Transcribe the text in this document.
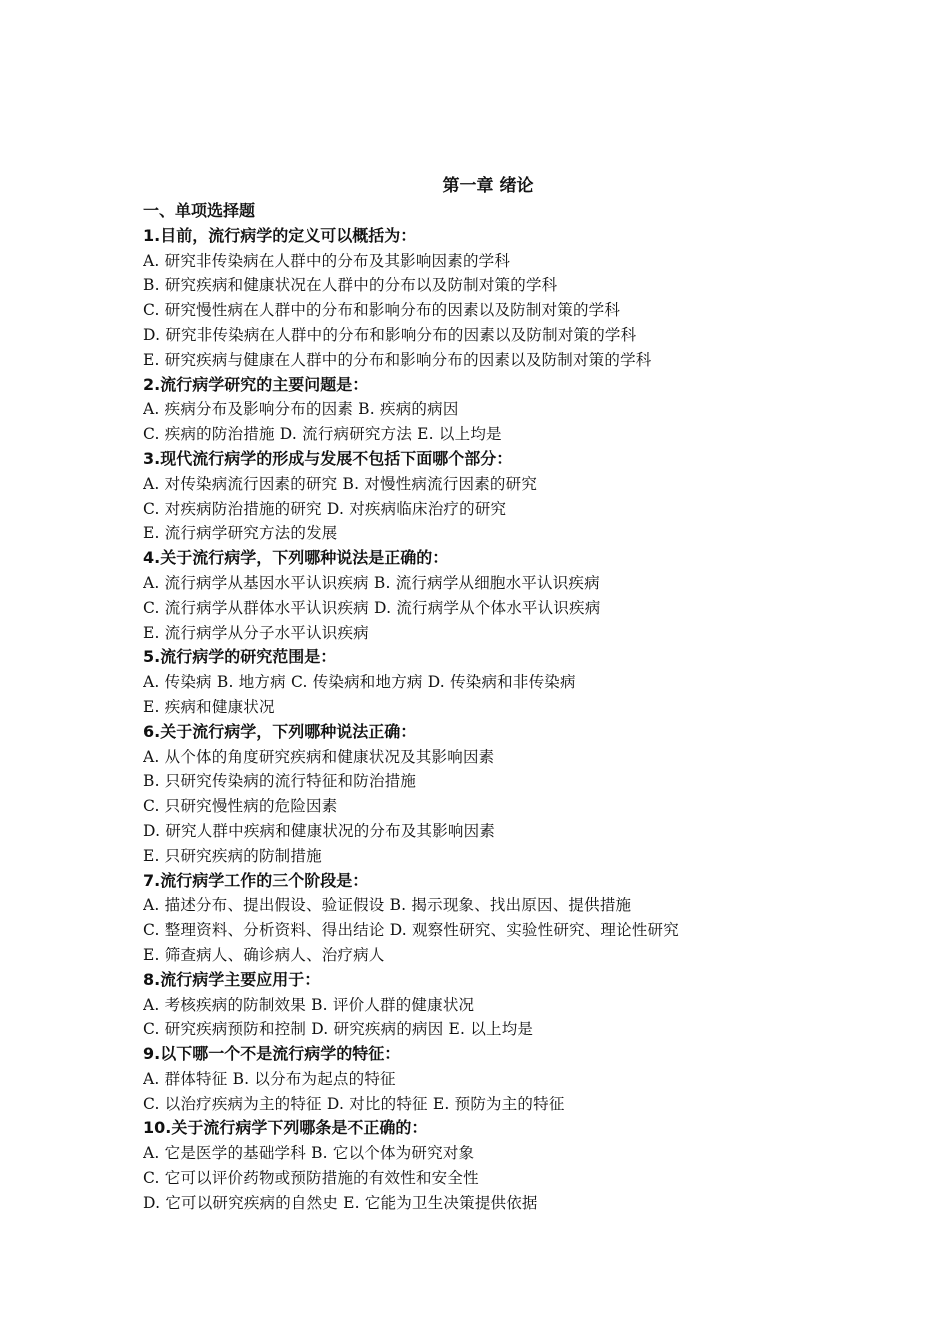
第一章 绪论
一、单项选择题
1.目前，流行病学的定义可以概括为：
A. 研究非传染病在人群中的分布及其影响因素的学科
B. 研究疾病和健康状况在人群中的分布以及防制对策的学科
C. 研究慢性病在人群中的分布和影响分布的因素以及防制对策的学科
D. 研究非传染病在人群中的分布和影响分布的因素以及防制对策的学科
E. 研究疾病与健康在人群中的分布和影响分布的因素以及防制对策的学科
2.流行病学研究的主要问题是：
A. 疾病分布及影响分布的因素 B. 疾病的病因
C. 疾病的防治措施 D. 流行病研究方法 E. 以上均是
3.现代流行病学的形成与发展不包括下面哪个部分：
A. 对传染病流行因素的研究 B. 对慢性病流行因素的研究
C. 对疾病防治措施的研究 D. 对疾病临床治疗的研究
E. 流行病学研究方法的发展
4.关于流行病学，下列哪种说法是正确的：
A. 流行病学从基因水平认识疾病 B. 流行病学从细胞水平认识疾病
C. 流行病学从群体水平认识疾病 D. 流行病学从个体水平认识疾病
E. 流行病学从分子水平认识疾病
5.流行病学的研究范围是：
A. 传染病 B. 地方病 C. 传染病和地方病 D. 传染病和非传染病
E. 疾病和健康状况
6.关于流行病学，下列哪种说法正确：
A. 从个体的角度研究疾病和健康状况及其影响因素
B. 只研究传染病的流行特征和防治措施
C. 只研究慢性病的危险因素
D. 研究人群中疾病和健康状况的分布及其影响因素
E. 只研究疾病的防制措施
7.流行病学工作的三个阶段是：
A. 描述分布、提出假设、验证假设 B. 揭示现象、找出原因、提供措施
C. 整理资料、分析资料、得出结论 D. 观察性研究、实验性研究、理论性研究
E. 筛查病人、确诊病人、治疗病人
8.流行病学主要应用于：
A. 考核疾病的防制效果 B. 评价人群的健康状况
C. 研究疾病预防和控制 D. 研究疾病的病因 E. 以上均是
9.以下哪一个不是流行病学的特征：
A. 群体特征 B. 以分布为起点的特征
C. 以治疗疾病为主的特征 D. 对比的特征 E. 预防为主的特征
10.关于流行病学下列哪条是不正确的：
A. 它是医学的基础学科 B. 它以个体为研究对象
C. 它可以评价药物或预防措施的有效性和安全性
D. 它可以研究疾病的自然史 E. 它能为卫生决策提供依据
